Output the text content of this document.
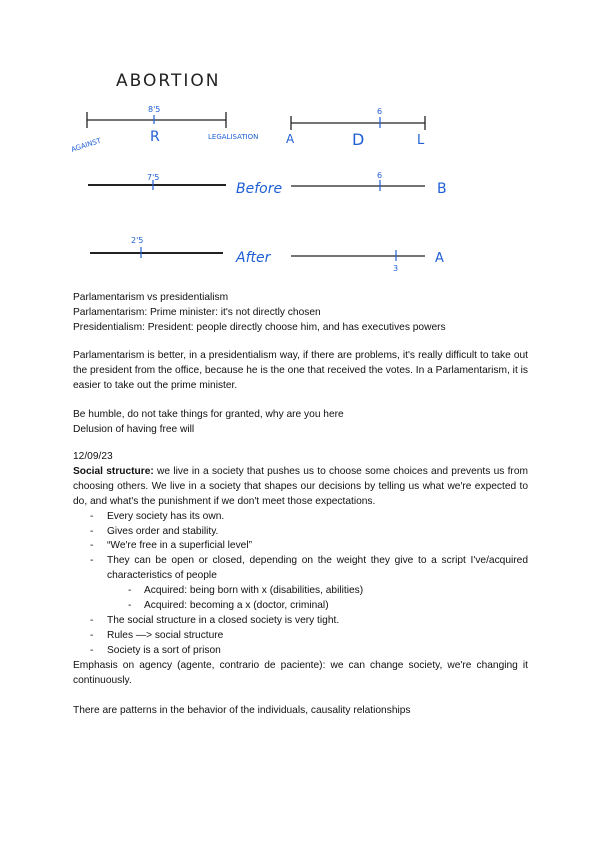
ABORTION
8'5
AGAINST	R	LEGALISATION
6
A	D	L
7'5
Before
6
B
2'5
After
3
A

Parlamentarism vs presidentialism

Parlamentarism: Prime minister: it's not directly chosen

Presidentialism: President: people directly choose him, and has executives powers

Parlamentarism is better, in a presidentialism way, if there are problems, it's really difficult to take out the president from the office, because he is the one that received the votes. In a Parlamentarism, it is easier to take out the prime minister.

Be humble, do not take things for granted, why are you here

Delusion of having free will

12/09/23

Social structure: we live in a society that pushes us to choose some choices and prevents us from choosing others. We live in a society that shapes our decisions by telling us what we're expected to do, and what's the punishment if we don't meet those expectations.

- Every society has its own.
- Gives order and stability.
- “We're free in a superficial level”
- They can be open or closed, depending on the weight they give to a script I've/acquired characteristics of people
- Acquired: being born with x (disabilities, abilities)
- Acquired: becoming a x (doctor, criminal)
- The social structure in a closed society is very tight.
- Rules —> social structure
- Society is a sort of prison

Emphasis on agency (agente, contrario de paciente): we can change society, we're changing it continuously.

There are patterns in the behavior of the individuals, causality relationships
